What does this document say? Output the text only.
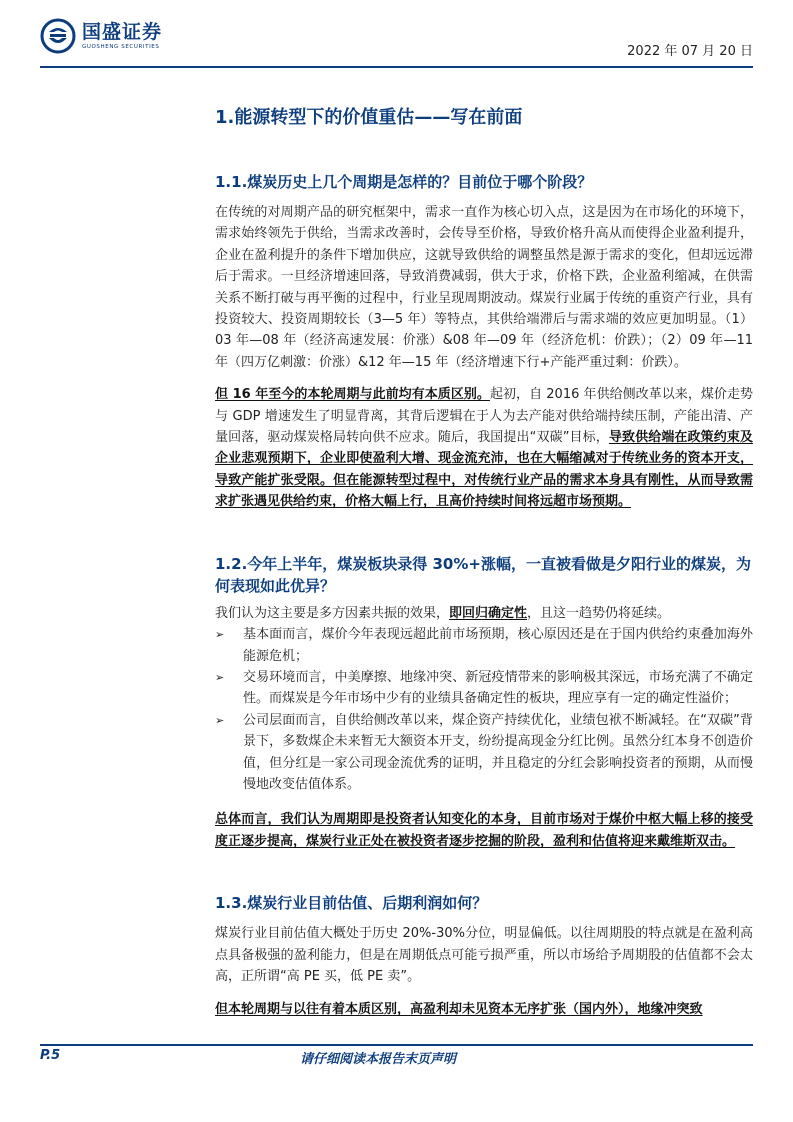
国盛证券
GUOSHENG SECURITIES	2022 年 07 月 20 日
1.能源转型下的价值重估——写在前面
1.1.煤炭历史上几个周期是怎样的？目前位于哪个阶段？
在传统的对周期产品的研究框架中，需求一直作为核心切入点，这是因为在市场化的环境下，需求始终领先于供给，当需求改善时，会传导至价格，导致价格升高从而使得企业盈利提升，企业在盈利提升的条件下增加供应，这就导致供给的调整虽然是源于需求的变化，但却远远滞后于需求。一旦经济增速回落，导致消费减弱，供大于求，价格下跌，企业盈利缩减，在供需关系不断打破与再平衡的过程中，行业呈现周期波动。煤炭行业属于传统的重资产行业，具有投资较大、投资周期较长（3—5 年）等特点，其供给端滞后与需求端的效应更加明显。（1）03 年—08 年（经济高速发展：价涨）&08 年—09 年（经济危机：价跌）；（2）09 年—11 年（四万亿刺激：价涨）&12 年—15 年（经济增速下行+产能严重过剩：价跌）。
但 16 年至今的本轮周期与此前均有本质区别。起初，自 2016 年供给侧改革以来，煤价走势与 GDP 增速发生了明显背离，其背后逻辑在于人为去产能对供给端持续压制，产能出清、产量回落，驱动煤炭格局转向供不应求。随后，我国提出“双碳”目标，导致供给端在政策约束及企业悲观预期下，企业即使盈利大增、现金流充沛，也在大幅缩减对于传统业务的资本开支，导致产能扩张受限。但在能源转型过程中，对传统行业产品的需求本身具有刚性，从而导致需求扩张遇见供给约束，价格大幅上行，且高价持续时间将远超市场预期。
1.2.今年上半年，煤炭板块录得 30%+涨幅，一直被看做是夕阳行业的煤炭，为何表现如此优异？
我们认为这主要是多方因素共振的效果，即回归确定性，且这一趋势仍将延续。
➢ 基本面而言，煤价今年表现远超此前市场预期，核心原因还是在于国内供给约束叠加海外能源危机；
➢ 交易环境而言，中美摩擦、地缘冲突、新冠疫情带来的影响极其深远，市场充满了不确定性。而煤炭是今年市场中少有的业绩具备确定性的板块，理应享有一定的确定性溢价；
➢ 公司层面而言，自供给侧改革以来，煤企资产持续优化，业绩包袱不断减轻。在“双碳”背景下，多数煤企未来暂无大额资本开支，纷纷提高现金分红比例。虽然分红本身不创造价值，但分红是一家公司现金流优秀的证明，并且稳定的分红会影响投资者的预期，从而慢慢地改变估值体系。
总体而言，我们认为周期即是投资者认知变化的本身，目前市场对于煤价中枢大幅上移的接受度正逐步提高，煤炭行业正处在被投资者逐步挖掘的阶段，盈利和估值将迎来戴维斯双击。
1.3.煤炭行业目前估值、后期利润如何？
煤炭行业目前估值大概处于历史 20%-30%分位，明显偏低。以往周期股的特点就是在盈利高点具备极强的盈利能力，但是在周期低点可能亏损严重，所以市场给予周期股的估值都不会太高，正所谓“高 PE 买，低 PE 卖”。
但本轮周期与以往有着本质区别，高盈利却未见资本无序扩张（国内外），地缘冲突致
P.5	请仔细阅读本报告末页声明
